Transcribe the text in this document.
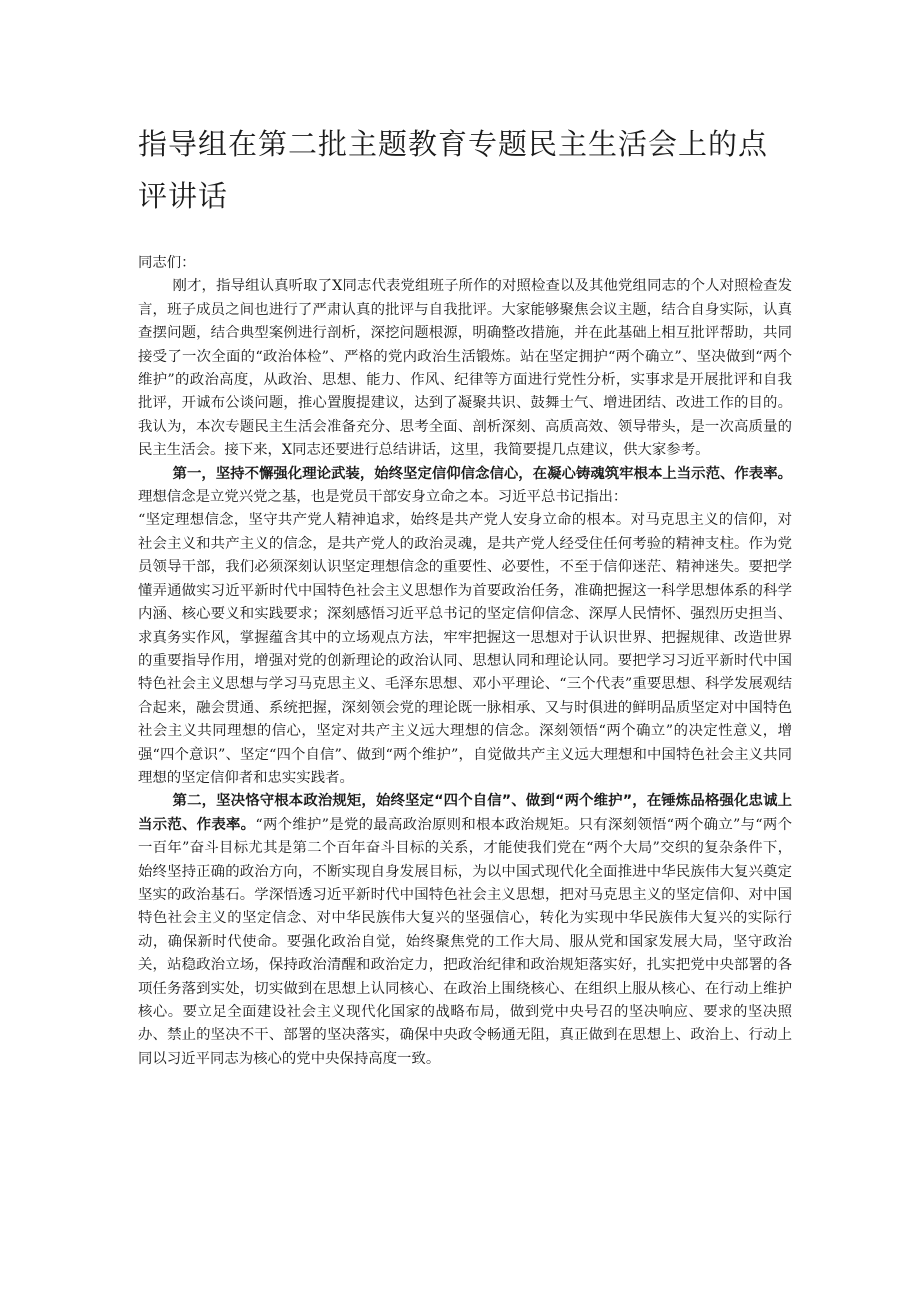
指导组在第二批主题教育专题民主生活会上的点评讲话

同志们：

刚才，指导组认真听取了X同志代表党组班子所作的对照检查以及其他党组同志的个人对照检查发言，班子成员之间也进行了严肃认真的批评与自我批评。大家能够聚焦会议主题，结合自身实际，认真查摆问题，结合典型案例进行剖析，深挖问题根源，明确整改措施，并在此基础上相互批评帮助，共同接受了一次全面的“政治体检”、严格的党内政治生活锻炼。站在坚定拥护“两个确立”、坚决做到“两个维护”的政治高度，从政治、思想、能力、作风、纪律等方面进行党性分析，实事求是开展批评和自我批评，开诚布公谈问题，推心置腹提建议，达到了凝聚共识、鼓舞士气、增进团结、改进工作的目的。我认为，本次专题民主生活会准备充分、思考全面、剖析深刻、高质高效、领导带头，是一次高质量的民主生活会。接下来，X同志还要进行总结讲话，这里，我简要提几点建议，供大家参考。

第一，坚持不懈强化理论武装，始终坚定信仰信念信心，在凝心铸魂筑牢根本上当示范、作表率。理想信念是立党兴党之基，也是党员干部安身立命之本。习近平总书记指出：

“坚定理想信念，坚守共产党人精神追求，始终是共产党人安身立命的根本。对马克思主义的信仰，对社会主义和共产主义的信念，是共产党人的政治灵魂，是共产党人经受住任何考验的精神支柱。作为党员领导干部，我们必须深刻认识坚定理想信念的重要性、必要性，不至于信仰迷茫、精神迷失。要把学懂弄通做实习近平新时代中国特色社会主义思想作为首要政治任务，准确把握这一科学思想体系的科学内涵、核心要义和实践要求；深刻感悟习近平总书记的坚定信仰信念、深厚人民情怀、强烈历史担当、求真务实作风，掌握蕴含其中的立场观点方法，牢牢把握这一思想对于认识世界、把握规律、改造世界的重要指导作用，增强对党的创新理论的政治认同、思想认同和理论认同。要把学习习近平新时代中国特色社会主义思想与学习马克思主义、毛泽东思想、邓小平理论、“三个代表”重要思想、科学发展观结合起来，融会贯通、系统把握，深刻领会党的理论既一脉相承、又与时俱进的鲜明品质坚定对中国特色社会主义共同理想的信心，坚定对共产主义远大理想的信念。深刻领悟“两个确立”的决定性意义，增强“四个意识”、坚定“四个自信”、做到“两个维护”，自觉做共产主义远大理想和中国特色社会主义共同理想的坚定信仰者和忠实实践者。

第二，坚决恪守根本政治规矩，始终坚定“四个自信”、做到“两个维护”，在锤炼品格强化忠诚上当示范、作表率。“两个维护”是党的最高政治原则和根本政治规矩。只有深刻领悟“两个确立”与“两个一百年”奋斗目标尤其是第二个百年奋斗目标的关系，才能使我们党在“两个大局”交织的复杂条件下，始终坚持正确的政治方向，不断实现自身发展目标，为以中国式现代化全面推进中华民族伟大复兴奠定坚实的政治基石。学深悟透习近平新时代中国特色社会主义思想，把对马克思主义的坚定信仰、对中国特色社会主义的坚定信念、对中华民族伟大复兴的坚强信心，转化为实现中华民族伟大复兴的实际行动，确保新时代使命。要强化政治自觉，始终聚焦党的工作大局、服从党和国家发展大局，坚守政治关，站稳政治立场，保持政治清醒和政治定力，把政治纪律和政治规矩落实好，扎实把党中央部署的各项任务落到实处，切实做到在思想上认同核心、在政治上围绕核心、在组织上服从核心、在行动上维护核心。要立足全面建设社会主义现代化国家的战略布局，做到党中央号召的坚决响应、要求的坚决照办、禁止的坚决不干、部署的坚决落实，确保中央政令畅通无阻，真正做到在思想上、政治上、行动上同以习近平同志为核心的党中央保持高度一致。
